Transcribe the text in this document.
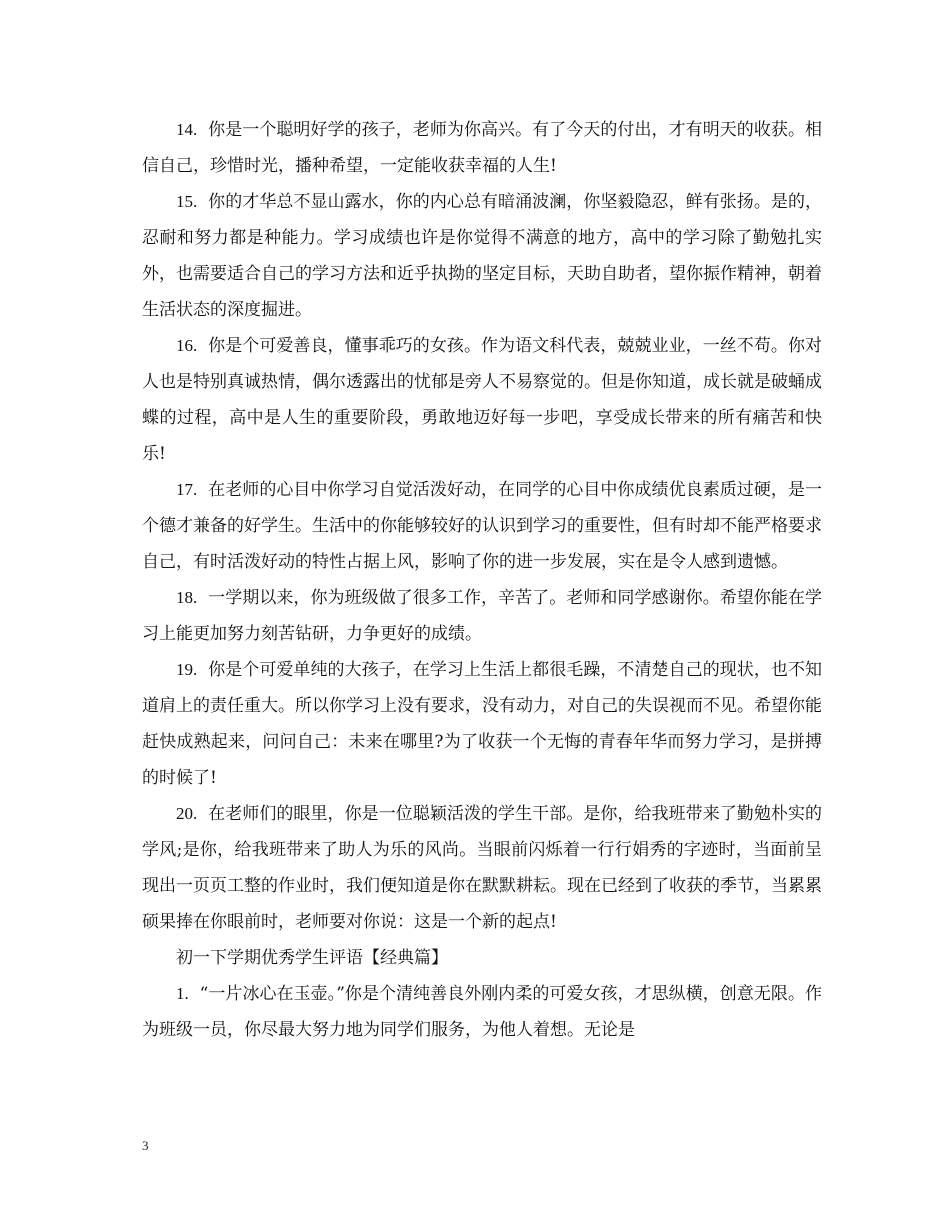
14. 你是一个聪明好学的孩子，老师为你高兴。有了今天的付出，才有明天的收获。相信自己，珍惜时光，播种希望，一定能收获幸福的人生!

15. 你的才华总不显山露水，你的内心总有暗涌波澜，你坚毅隐忍，鲜有张扬。是的，忍耐和努力都是种能力。学习成绩也许是你觉得不满意的地方，高中的学习除了勤勉扎实外，也需要适合自己的学习方法和近乎执拗的坚定目标，天助自助者，望你振作精神，朝着生活状态的深度掘进。

16. 你是个可爱善良，懂事乖巧的女孩。作为语文科代表，兢兢业业，一丝不苟。你对人也是特别真诚热情，偶尔透露出的忧郁是旁人不易察觉的。但是你知道，成长就是破蛹成蝶的过程，高中是人生的重要阶段，勇敢地迈好每一步吧，享受成长带来的所有痛苦和快乐!

17. 在老师的心目中你学习自觉活泼好动，在同学的心目中你成绩优良素质过硬，是一个德才兼备的好学生。生活中的你能够较好的认识到学习的重要性，但有时却不能严格要求自己，有时活泼好动的特性占据上风，影响了你的进一步发展，实在是令人感到遗憾。

18. 一学期以来，你为班级做了很多工作，辛苦了。老师和同学感谢你。希望你能在学习上能更加努力刻苦钻研，力争更好的成绩。

19. 你是个可爱单纯的大孩子，在学习上生活上都很毛躁，不清楚自己的现状，也不知道肩上的责任重大。所以你学习上没有要求，没有动力，对自己的失误视而不见。希望你能赶快成熟起来，问问自己：未来在哪里?为了收获一个无悔的青春年华而努力学习，是拼搏的时候了!

20. 在老师们的眼里，你是一位聪颖活泼的学生干部。是你，给我班带来了勤勉朴实的学风;是你，给我班带来了助人为乐的风尚。当眼前闪烁着一行行娟秀的字迹时，当面前呈现出一页页工整的作业时，我们便知道是你在默默耕耘。现在已经到了收获的季节，当累累硕果捧在你眼前时，老师要对你说：这是一个新的起点!

初一下学期优秀学生评语【经典篇】

1. “一片冰心在玉壶。”你是个清纯善良外刚内柔的可爱女孩，才思纵横，创意无限。作为班级一员，你尽最大努力地为同学们服务，为他人着想。无论是

3
